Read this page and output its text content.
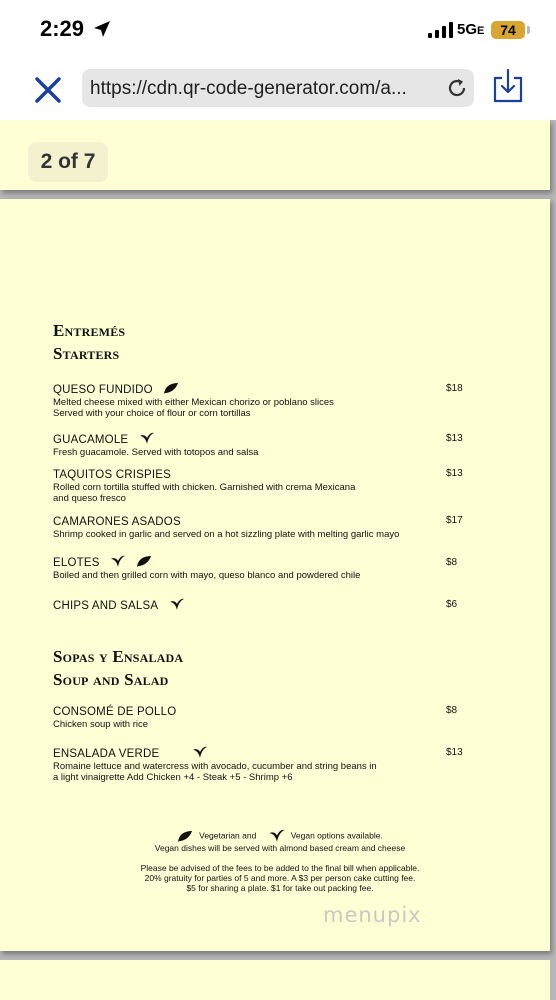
2:29	5GE	74
https://cdn.qr-code-generator.com/a...
2 of 7
Entremés
Starters
QUESO FUNDIDO
Melted cheese mixed with either Mexican chorizo or poblano slices
Served with your choice of flour or corn tortillas
$18
GUACAMOLE
Fresh guacamole. Served with totopos and salsa
$13
TAQUITOS CRISPIES
Rolled corn tortilla stuffed with chicken. Garnished with crema Mexicana
and queso fresco
$13
CAMARONES ASADOS
Shrimp cooked in garlic and served on a hot sizzling plate with melting garlic mayo
$17
ELOTES
Boiled and then grilled corn with mayo, queso blanco and powdered chile
$8
CHIPS AND SALSA	$6
Sopas y Ensalada
Soup and Salad
CONSOMÉ DE POLLO
Chicken soup with rice
$8
ENSALADA VERDE
Romaine lettuce and watercress with avocado, cucumber and string beans in
a light vinaigrette Add Chicken +4 - Steak +5 - Shrimp +6
$13
Vegetarian and	Vegan options available.
Vegan dishes will be served with almond based cream and cheese
Please be advised of the fees to be added to the final bill when applicable.
20% gratuity for parties of 5 and more. A $3 per person cake cutting fee.
$5 for sharing a plate. $1 for take out packing fee.
menupix
